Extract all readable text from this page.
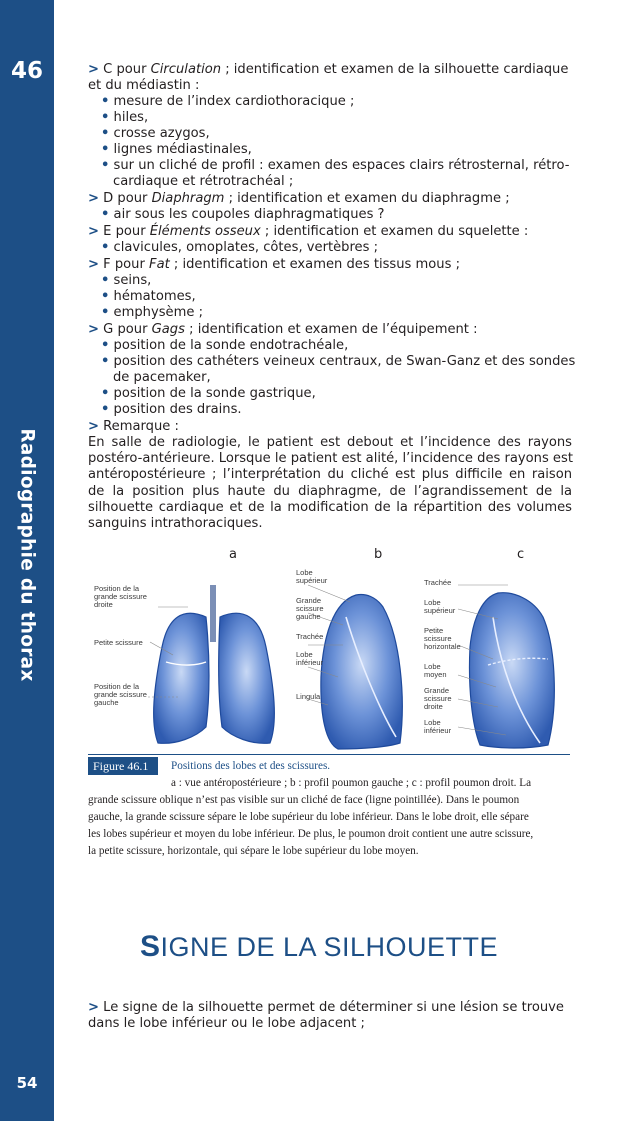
46
Radiographie du thorax
54
> C pour Circulation ; identification et examen de la silhouette cardiaque
et du médiastin :
• mesure de l’index cardiothoracique ;
• hiles,
• crosse azygos,
• lignes médiastinales,
• sur un cliché de profil : examen des espaces clairs rétrosternal, rétro-
cardiaque et rétrotrachéal ;
> D pour Diaphragm ; identification et examen du diaphragme ;
• air sous les coupoles diaphragmatiques ?
> E pour Éléments osseux ; identification et examen du squelette :
• clavicules, omoplates, côtes, vertèbres ;
> F pour Fat ; identification et examen des tissus mous ;
• seins,
• hématomes,
• emphysème ;
> G pour Gags ; identification et examen de l’équipement :
• position de la sonde endotrachéale,
• position des cathéters veineux centraux, de Swan-Ganz et des sondes
de pacemaker,
• position de la sonde gastrique,
• position des drains.
> Remarque :
En salle de radiologie, le patient est debout et l’incidence des rayons
postéro-antérieure. Lorsque le patient est alité, l’incidence des rayons est
antéropostérieure ; l’interprétation du cliché est plus difficile en raison
de la position plus haute du diaphragme, de l’agrandissement de la
silhouette cardiaque et de la modification de la répartition des volumes
sanguins intrathoraciques.
a	b	c
Position de la grande scissure droite
Petite scissure
Position de la grande scissure gauche
Lobe supérieur
Grande scissure gauche
Trachée
Lobe inférieur
Lingula
Trachée
Lobe supérieur
Petite scissure horizontale
Lobe moyen
Grande scissure droite
Lobe inférieur
Figure 46.1	Positions des lobes et des scissures.
a : vue antéropostérieure ; b : profil poumon gauche ; c : profil poumon droit. La
grande scissure oblique n’est pas visible sur un cliché de face (ligne pointillée). Dans le poumon
gauche, la grande scissure sépare le lobe supérieur du lobe inférieur. Dans le lobe droit, elle sépare
les lobes supérieur et moyen du lobe inférieur. De plus, le poumon droit contient une autre scissure,
la petite scissure, horizontale, qui sépare le lobe supérieur du lobe moyen.
SIGNE DE LA SILHOUETTE
> Le signe de la silhouette permet de déterminer si une lésion se trouve
dans le lobe inférieur ou le lobe adjacent ;
